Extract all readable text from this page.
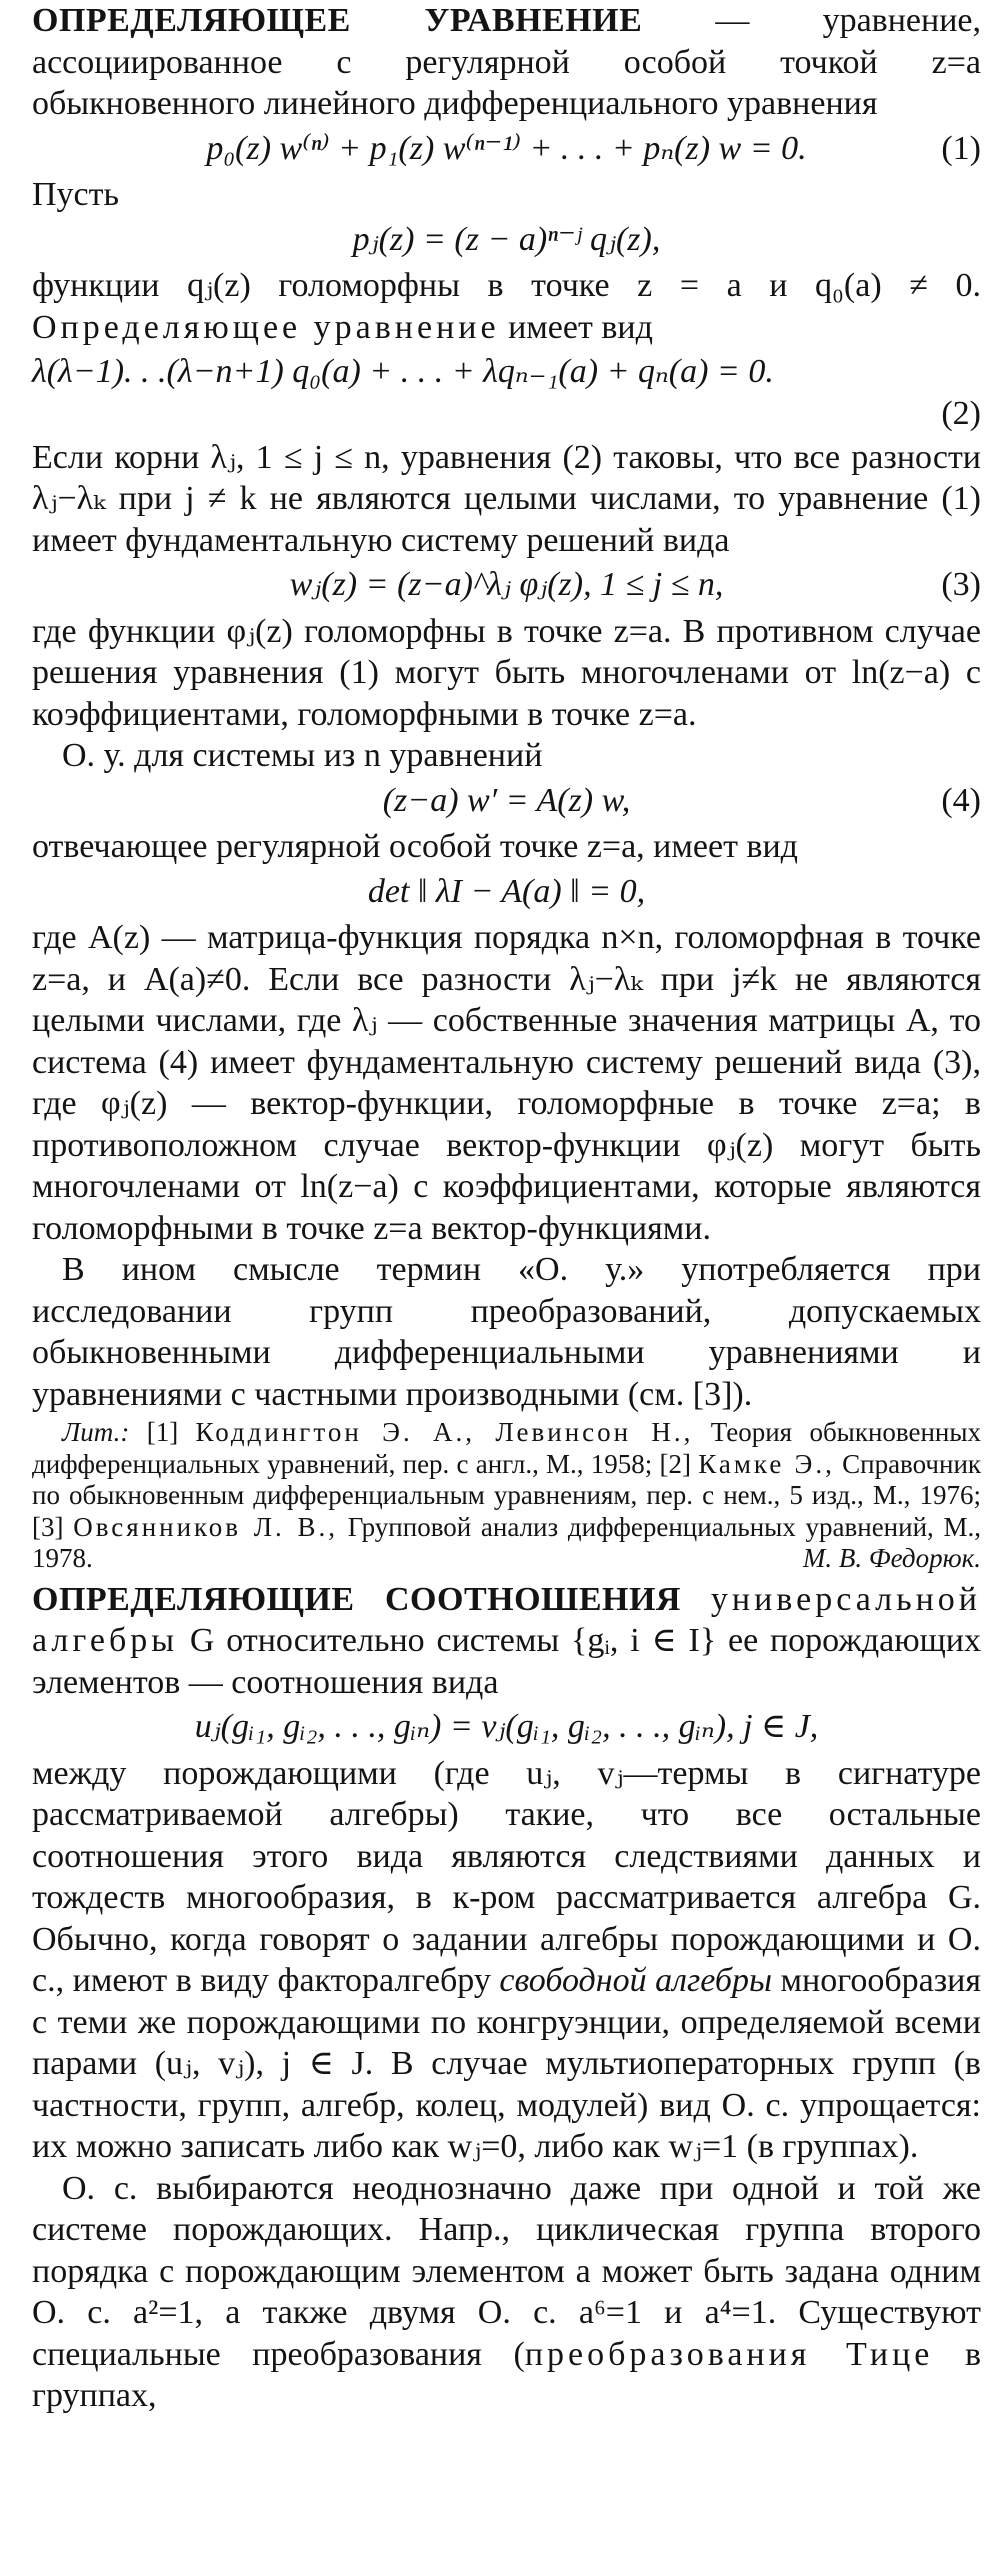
ОПРЕДЕЛЯЮЩЕЕ УРАВНЕНИЕ — уравнение, ассоциированное с регулярной особой точкой z=a обыкновенного линейного дифференциального уравнения

p₀(z) w⁽ⁿ⁾ + p₁(z) w⁽ⁿ⁻¹⁾ + . . . + pₙ(z) w = 0.	(1)

Пусть

pⱼ(z) = (z − a)ⁿ⁻ʲ qⱼ(z),

функции qⱼ(z) голоморфны в точке z = a и q₀(a) ≠ 0. Определяющее уравнение имеет вид

λ(λ−1). . .(λ−n+1) q₀(a) + . . . + λqₙ₋₁(a) + qₙ(a) = 0.
(2)

Если корни λⱼ, 1 ≤ j ≤ n, уравнения (2) таковы, что все разности λⱼ−λₖ при j ≠ k не являются целыми числами, то уравнение (1) имеет фундаментальную систему решений вида

wⱼ(z) = (z−a)^λⱼ φⱼ(z), 1 ≤ j ≤ n,	(3)

где функции φⱼ(z) голоморфны в точке z=a. В противном случае решения уравнения (1) могут быть многочленами от ln(z−a) с коэффициентами, голоморфными в точке z=a.

О. у. для системы из n уравнений

(z−a) w′ = A(z) w,	(4)

отвечающее регулярной особой точке z=a, имеет вид

det ‖ λI − A(a) ‖ = 0,

где A(z) — матрица-функция порядка n×n, голоморфная в точке z=a, и A(a)≠0. Если все разности λⱼ−λₖ при j≠k не являются целыми числами, где λⱼ — собственные значения матрицы A, то система (4) имеет фундаментальную систему решений вида (3), где φⱼ(z) — вектор-функции, голоморфные в точке z=a; в противоположном случае вектор-функции φⱼ(z) могут быть многочленами от ln(z−a) с коэффициентами, которые являются голоморфными в точке z=a вектор-функциями.

В ином смысле термин «О. у.» употребляется при исследовании групп преобразований, допускаемых обыкновенными дифференциальными уравнениями и уравнениями с частными производными (см. [3]).

Лит.: [1] Коддингтон Э. А., Левинсон Н., Теория обыкновенных дифференциальных уравнений, пер. с англ., М., 1958; [2] Камке Э., Справочник по обыкновенным дифференциальным уравнениям, пер. с нем., 5 изд., М., 1976; [3] Овсянников Л. В., Групповой анализ дифференциальных уравнений, М., 1978.	М. В. Федорюк.

ОПРЕДЕЛЯЮЩИЕ СООТНОШЕНИЯ универсальной алгебры G относительно системы {gᵢ, i ∈ I} ее порождающих элементов — соотношения вида

uⱼ(gᵢ₁, gᵢ₂, . . ., gᵢₙ) = vⱼ(gᵢ₁, gᵢ₂, . . ., gᵢₙ), j ∈ J,

между порождающими (где uⱼ, vⱼ—термы в сигнатуре рассматриваемой алгебры) такие, что все остальные соотношения этого вида являются следствиями данных и тождеств многообразия, в к-ром рассматривается алгебра G. Обычно, когда говорят о задании алгебры порождающими и О. с., имеют в виду факторалгебру свободной алгебры многообразия с теми же порождающими по конгруэнции, определяемой всеми парами (uⱼ, vⱼ), j ∈ J. В случае мультиоператорных групп (в частности, групп, алгебр, колец, модулей) вид О. с. упрощается: их можно записать либо как wⱼ=0, либо как wⱼ=1 (в группах).

О. с. выбираются неоднозначно даже при одной и той же системе порождающих. Напр., циклическая группа второго порядка с порождающим элементом a может быть задана одним О. с. a²=1, а также двумя О. с. a⁶=1 и a⁴=1. Существуют специальные преобразования (преобразования Тице в группах,
